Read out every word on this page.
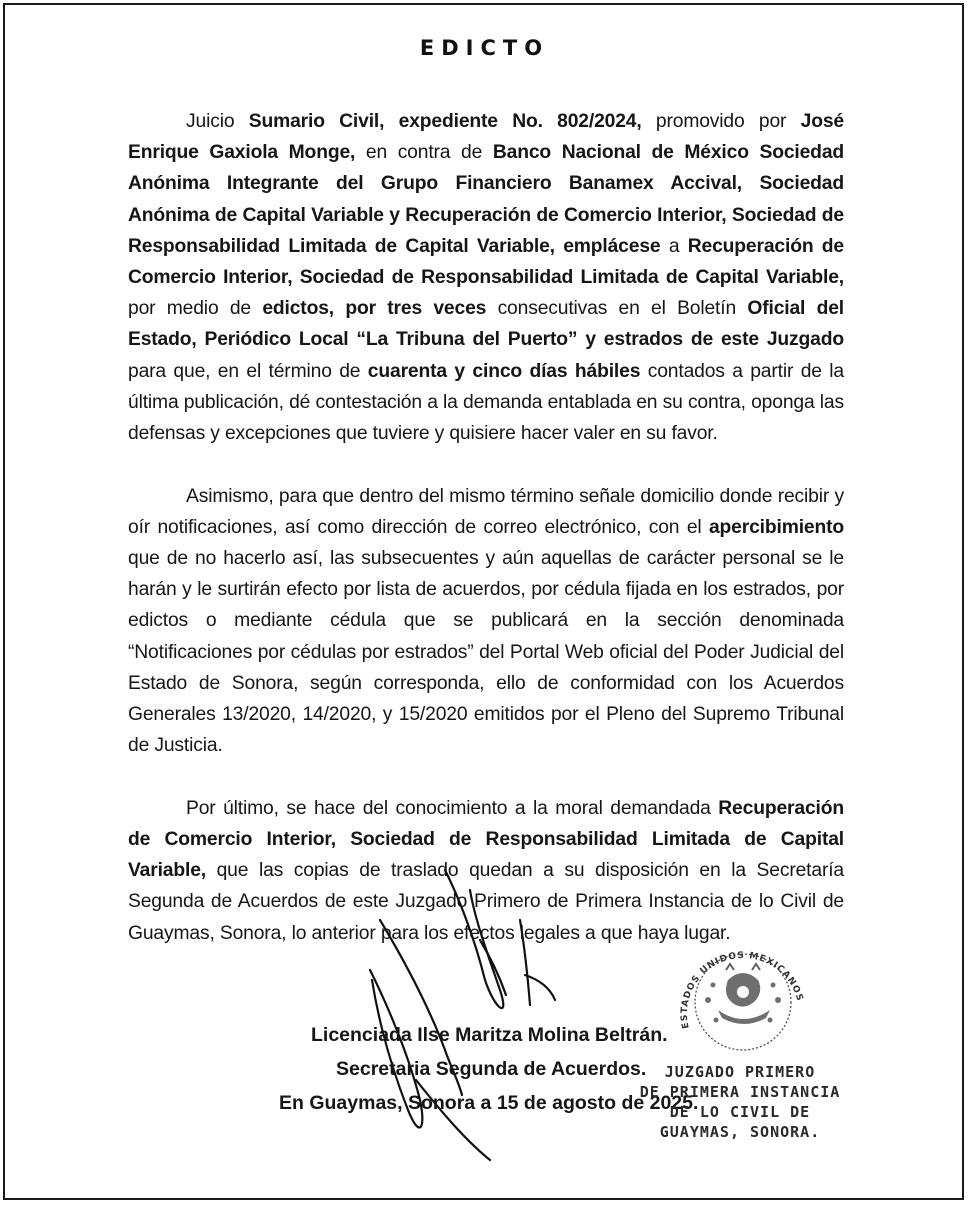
EDICTO

Juicio Sumario Civil, expediente No. 802/2024, promovido por José Enrique Gaxiola Monge, en contra de Banco Nacional de México Sociedad Anónima Integrante del Grupo Financiero Banamex Accival, Sociedad Anónima de Capital Variable y Recuperación de Comercio Interior, Sociedad de Responsabilidad Limitada de Capital Variable, emplácese a Recuperación de Comercio Interior, Sociedad de Responsabilidad Limitada de Capital Variable, por medio de edictos, por tres veces consecutivas en el Boletín Oficial del Estado, Periódico Local “La Tribuna del Puerto” y estrados de este Juzgado para que, en el término de cuarenta y cinco días hábiles contados a partir de la última publicación, dé contestación a la demanda entablada en su contra, oponga las defensas y excepciones que tuviere y quisiere hacer valer en su favor.

Asimismo, para que dentro del mismo término señale domicilio donde recibir y oír notificaciones, así como dirección de correo electrónico, con el apercibimiento que de no hacerlo así, las subsecuentes y aún aquellas de carácter personal se le harán y le surtirán efecto por lista de acuerdos, por cédula fijada en los estrados, por edictos o mediante cédula que se publicará en la sección denominada “Notificaciones por cédulas por estrados” del Portal Web oficial del Poder Judicial del Estado de Sonora, según corresponda, ello de conformidad con los Acuerdos Generales 13/2020, 14/2020, y 15/2020 emitidos por el Pleno del Supremo Tribunal de Justicia.

Por último, se hace del conocimiento a la moral demandada Recuperación de Comercio Interior, Sociedad de Responsabilidad Limitada de Capital Variable, que las copias de traslado quedan a su disposición en la Secretaría Segunda de Acuerdos de este Juzgado Primero de Primera Instancia de lo Civil de Guaymas, Sonora, lo anterior para los efectos legales a que haya lugar.

ESTADOS UNIDOS MEXICANOS
Licenciada Ilse Maritza Molina Beltrán.
Secretaria Segunda de Acuerdos.
En Guaymas, Sonora a 15 de agosto de 2025.
JUZGADO PRIMERO
DE PRIMERA INSTANCIA
DE LO CIVIL DE
GUAYMAS, SONORA.
